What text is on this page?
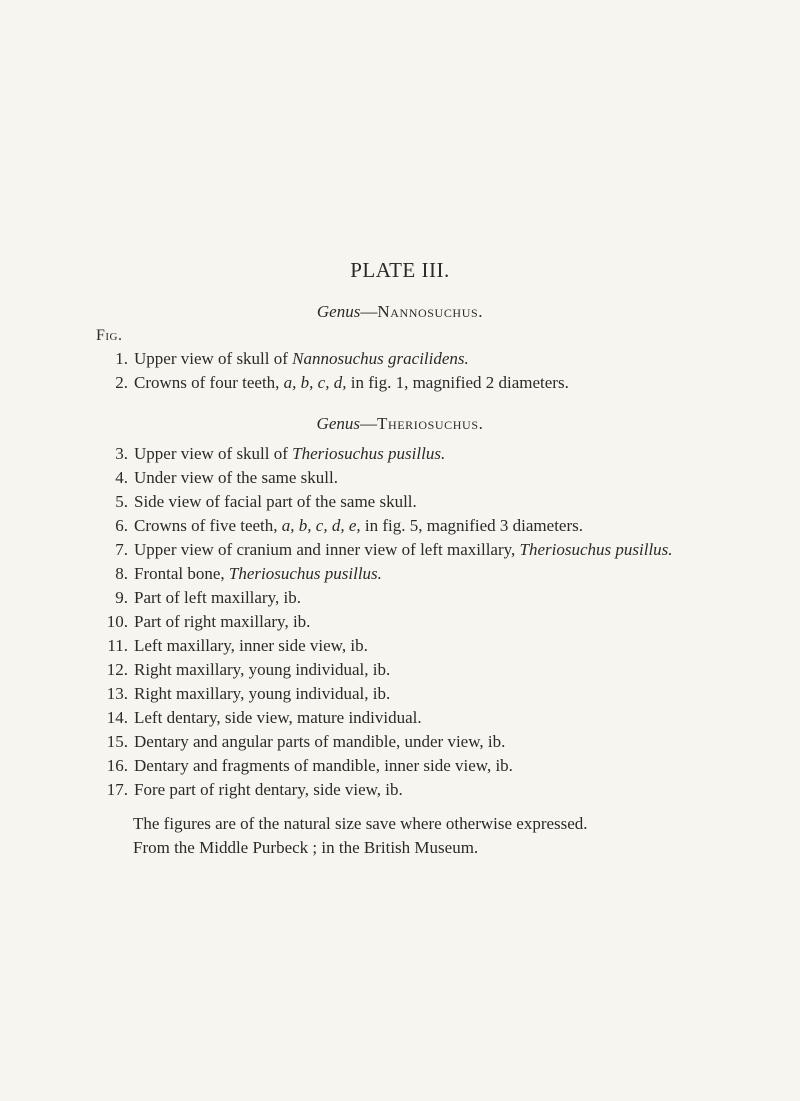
PLATE III.
Genus—Nannosuchus.
Fig.
1. Upper view of skull of Nannosuchus gracilidens.
2. Crowns of four teeth, a, b, c, d, in fig. 1, magnified 2 diameters.
Genus—Theriosuchus.
3. Upper view of skull of Theriosuchus pusillus.
4. Under view of the same skull.
5. Side view of facial part of the same skull.
6. Crowns of five teeth, a, b, c, d, e, in fig. 5, magnified 3 diameters.
7. Upper view of cranium and inner view of left maxillary, Theriosuchus pusillus.
8. Frontal bone, Theriosuchus pusillus.
9. Part of left maxillary, ib.
10. Part of right maxillary, ib.
11. Left maxillary, inner side view, ib.
12. Right maxillary, young individual, ib.
13. Right maxillary, young individual, ib.
14. Left dentary, side view, mature individual.
15. Dentary and angular parts of mandible, under view, ib.
16. Dentary and fragments of mandible, inner side view, ib.
17. Fore part of right dentary, side view, ib.
The figures are of the natural size save where otherwise expressed.
From the Middle Purbeck ; in the British Museum.
